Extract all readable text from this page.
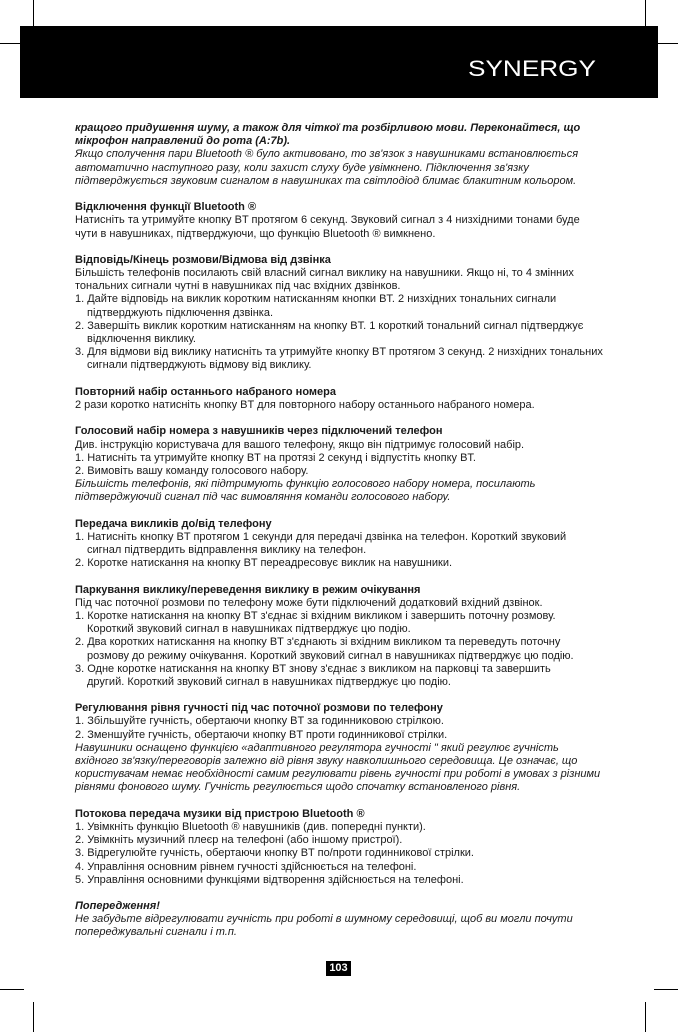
SYNERGY
кращого придушення шуму, а також для чіткої та розбірливою мови. Переконайтеся, що
мікрофон направлений до рота (A:7b).
Якщо сполучення пари Bluetooth ® було активовано, то зв'язок з навушниками встановлюється
автоматично наступного разу, коли захист слуху буде увімкнено. Підключення зв'язку
підтверджується звуковим сигналом в навушниках та світлодіод блимає блакитним кольором.
Відключення функції Bluetooth ®
Натисніть та утримуйте кнопку BT протягом 6 секунд. Звуковий сигнал з 4 низхідними тонами буде
чути в навушниках, підтверджуючи, що функцію Bluetooth ® вимкнено.
Відповідь/Кінець розмови/Відмова від дзвінка
Більшість телефонів посилають свій власний сигнал виклику на навушники. Якщо ні, то 4 змінних
тональних сигнали чутні в навушниках під час вхідних дзвінков.
1. Дайте відповідь на виклик коротким натисканням кнопки BT. 2 низхідних тональних сигнали
підтверджують підключення дзвінка.
2. Завершіть виклик коротким натисканням на кнопку BT. 1 короткий тональний сигнал підтверджує
відключення виклику.
3. Для відмови від виклику натисніть та утримуйте кнопку BT протягом 3 секунд. 2 низхідних тональних
сигнали підтверджують відмову від виклику.
Повторний набір останнього набраного номера
2 рази коротко натисніть кнопку BT для повторного набору останнього набраного номера.
Голосовий набір номера з навушників через підключений телефон
Див. інструкцію користувача для вашого телефону, якщо він підтримує голосовий набір.
1. Натисніть та утримуйте кнопку BT на протязі 2 секунд і відпустіть кнопку BT.
2. Вимовіть вашу команду голосового набору.
Більшість телефонів, які підтримують функцію голосового набору номера, посилають
підтверджуючий сигнал під час вимовляння команди голосового набору.
Передача викликів до/від телефону
1. Натисніть кнопку BT протягом 1 секунди для передачі дзвінка на телефон. Короткий звуковий
сигнал підтвердить відправлення виклику на телефон.
2. Коротке натискання на кнопку BT переадресовує виклик на навушники.
Паркування виклику/переведення виклику в режим очікування
Під час поточної розмови по телефону може бути підключений додатковий вхідний дзвінок.
1. Коротке натискання на кнопку BT з'єднає зі вхідним викликом і завершить поточну розмову.
Короткий звуковий сигнал в навушниках підтверджує цю подію.
2. Два коротких натискання на кнопку BT з'єднають зі вхідним викликом та переведуть поточну
розмову до режиму очікування. Короткий звуковий сигнал в навушниках підтверджує цю подію.
3. Одне коротке натискання на кнопку BT знову з'єднає з викликом на парковці та завершить
другий. Короткий звуковий сигнал в навушниках підтверджує цю подію.
Регулювання рівня гучності під час поточної розмови по телефону
1. Збільшуйте гучність, обертаючи кнопку BT за годинниковою стрілкою.
2. Зменшуйте гучність, обертаючи кнопку BT проти годинникової стрілки.
Навушники оснащено функцією «адаптивного регулятора гучності " який регулює гучність
вхідного зв'язку/переговорів залежно від рівня звуку навколишнього середовища. Це означає, що
користувачам немає необхідності самим регулювати рівень гучності при роботі в умовах з різними
рівнями фонового шуму. Гучність регулюється щодо спочатку встановленого рівня.
Потокова передача музики від пристрою Bluetooth ®
1. Увімкніть функцію Bluetooth ® навушників (див. попередні пункти).
2. Увімкніть музичний плеєр на телефоні (або іншому пристрої).
3. Відрегулюйте гучність, обертаючи кнопку BT по/проти годинникової стрілки.
4. Управління основним рівнем гучності здійснюється на телефоні.
5. Управління основними функціями відтворення здійснюється на телефоні.
Попередження!
Не забудьте відрегулювати гучність при роботі в шумному середовищі, щоб ви могли почути
попереджувальні сигнали і т.п.
103
